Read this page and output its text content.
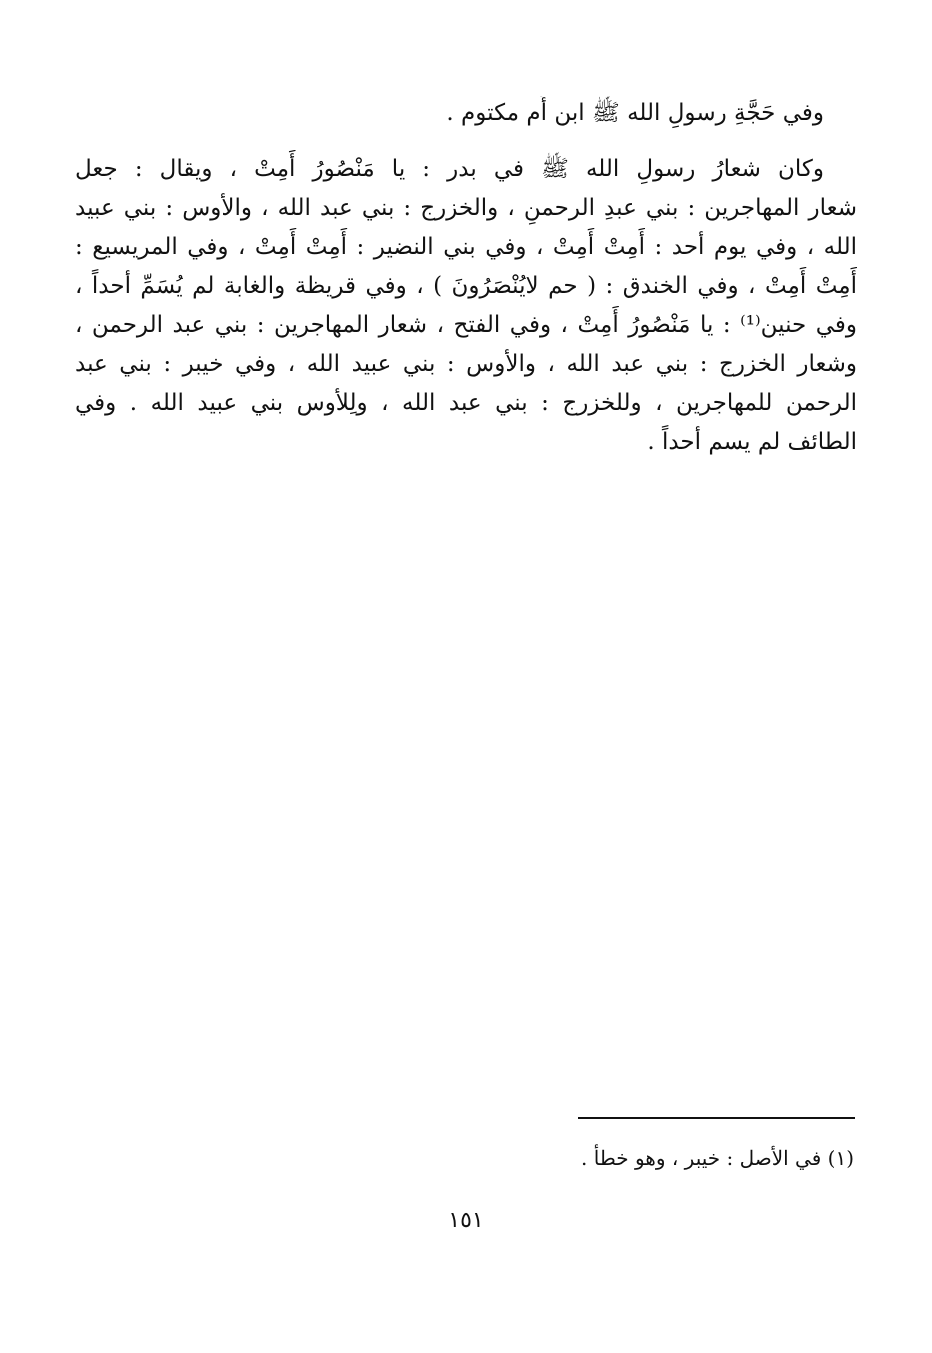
وفي حَجَّةِ رسولِ الله ﷺ ابن أُم مكتوم .
وكان شعارُ رسولِ الله ﷺ في بدر : يا مَنْصُورُ أَمِتْ ، ويقال : جعل
شعار المهاجرين : بني عبدِ الرحمنِ ، والخزرج : بني عبد الله ، والأوس : بني عبيد
الله ، وفي يوم أحد : أَمِتْ أَمِتْ ، وفي بني النضير : أَمِتْ أَمِتْ ، وفي المريسيع :
أَمِتْ أَمِتْ ، وفي الخندق : ( حم لايُنْصَرُونَ ) ، وفي قريظة والغابة لم يُسَمِّ أحداً ،
وفي حنين⁽¹⁾ : يا مَنْصُورُ أَمِتْ ، وفي الفتح ، شعار المهاجرين : بني عبد الرحمن ،
وشعار الخزرج : بني عبد الله ، والأوس : بني عبيد الله ، وفي خيبر : بني عبد
الرحمن للمهاجرين ، وللخزرج : بني عبد الله ، ولِلأوس بني عبيد الله . وفي
الطائف لم يسم أحداً .
(١) في الأصل : خيبر ، وهو خطأ .
١٥١
